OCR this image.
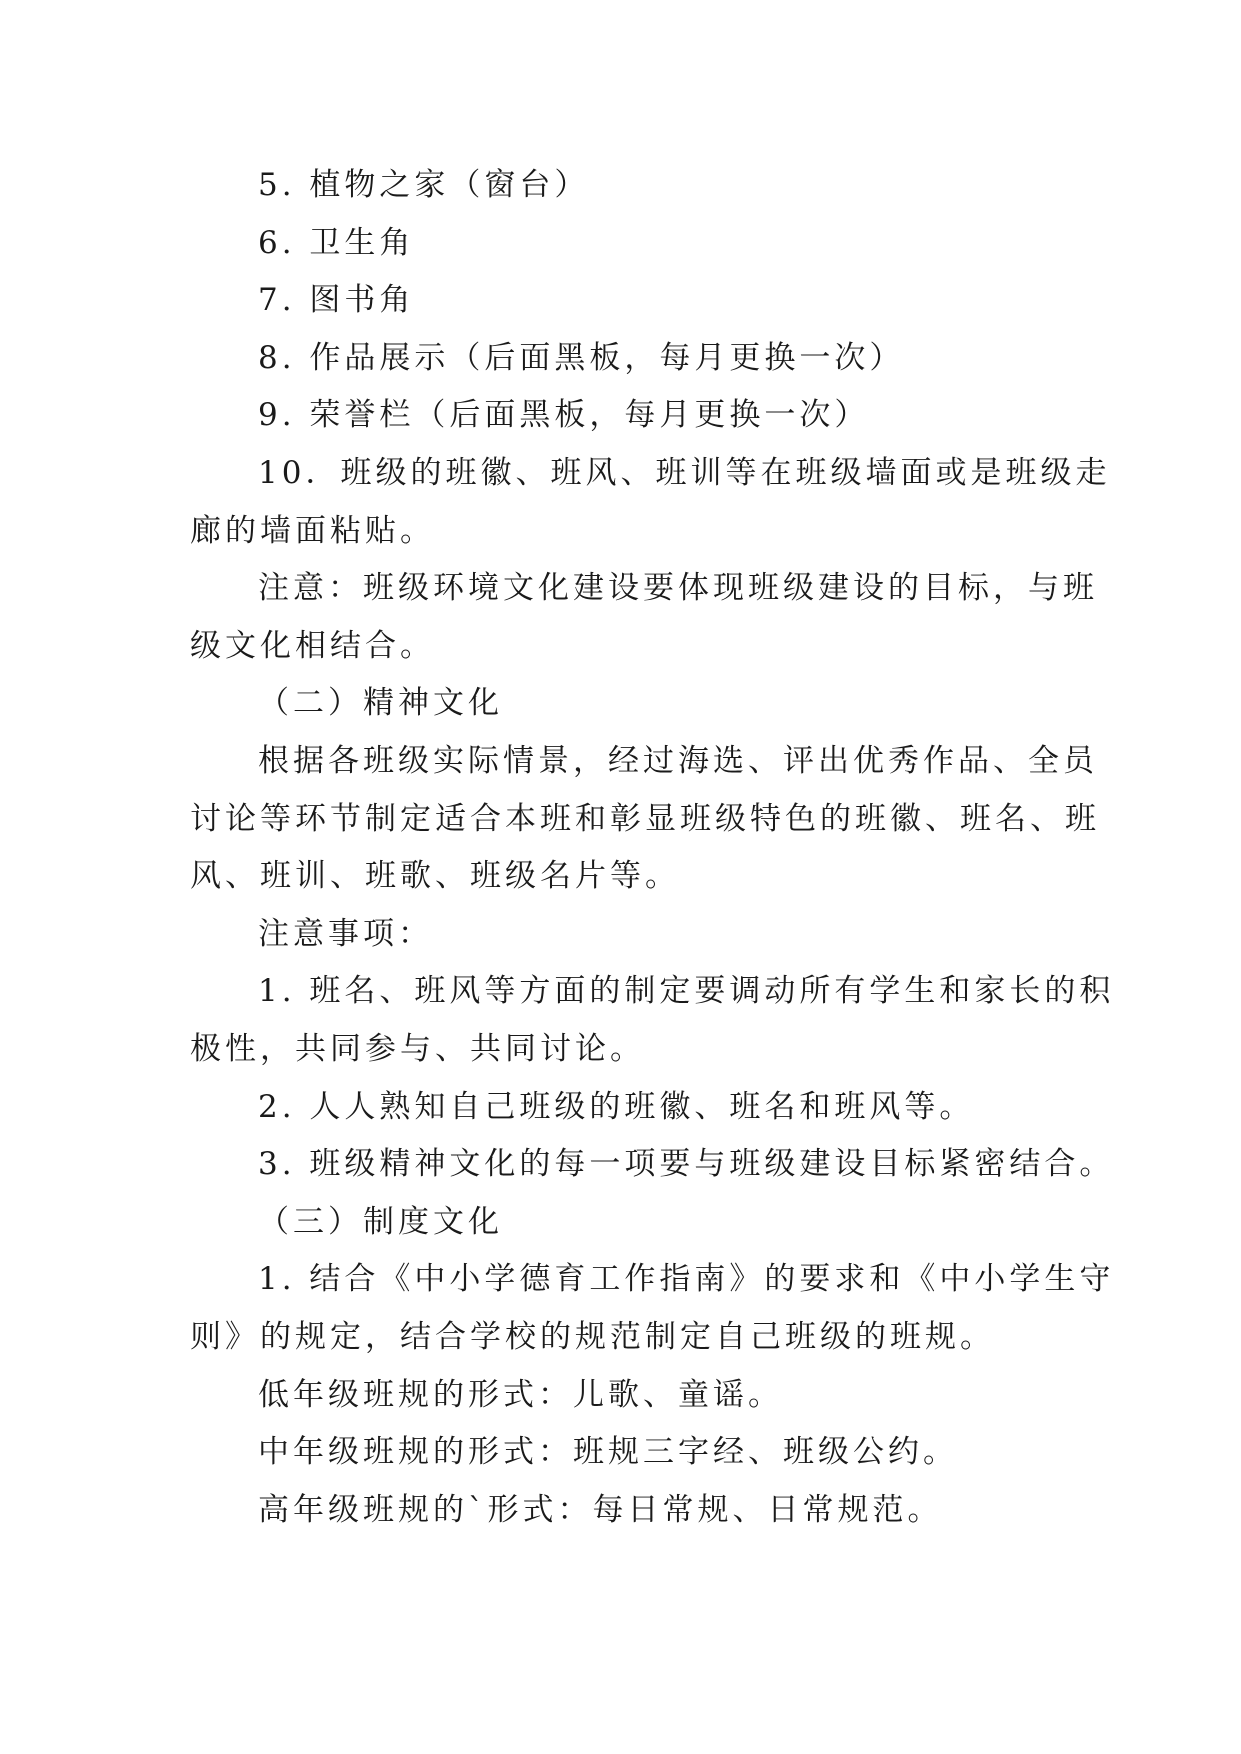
5. 植物之家（窗台）
6. 卫生角
7. 图书角
8. 作品展示（后面黑板，每月更换一次）
9. 荣誉栏（后面黑板，每月更换一次）
10．班级的班徽、班风、班训等在班级墙面或是班级走
廊的墙面粘贴。
注意：班级环境文化建设要体现班级建设的目标，与班
级文化相结合。
（二）精神文化
根据各班级实际情景，经过海选、评出优秀作品、全员
讨论等环节制定适合本班和彰显班级特色的班徽、班名、班
风、班训、班歌、班级名片等。
注意事项：
1. 班名、班风等方面的制定要调动所有学生和家长的积
极性，共同参与、共同讨论。
2. 人人熟知自己班级的班徽、班名和班风等。
3. 班级精神文化的每一项要与班级建设目标紧密结合。
（三）制度文化
1. 结合《中小学德育工作指南》的要求和《中小学生守
则》的规定，结合学校的规范制定自己班级的班规。
低年级班规的形式：儿歌、童谣。
中年级班规的形式：班规三字经、班级公约。
高年级班规的`形式：每日常规、日常规范。
